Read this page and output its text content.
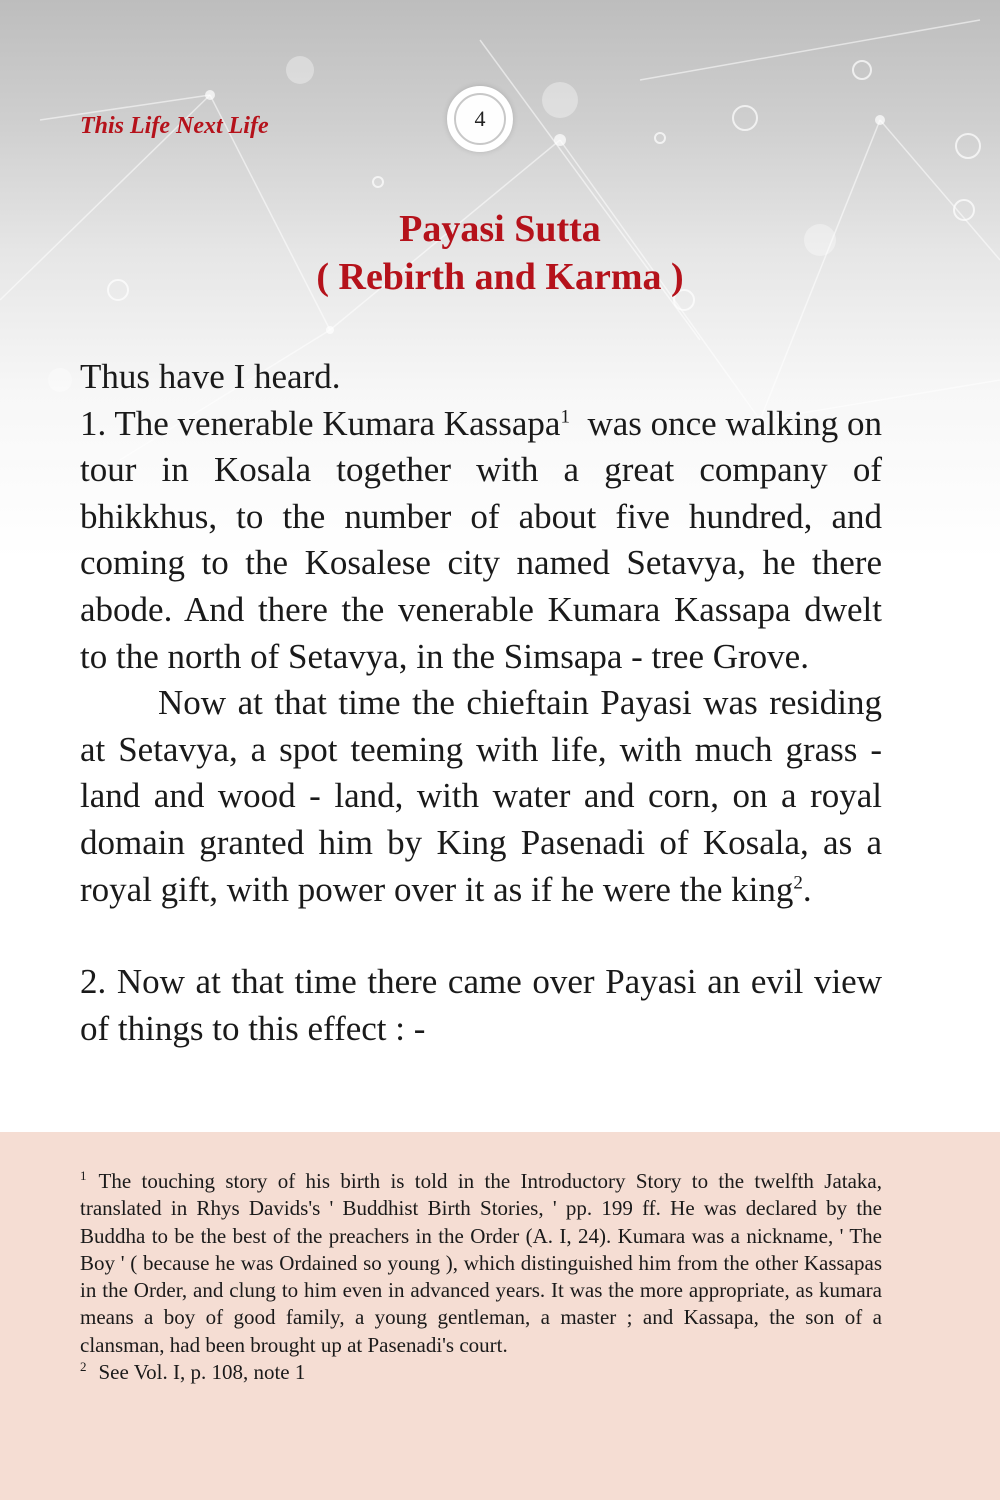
This Life Next Life	4
Payasi Sutta
( Rebirth and Karma )

Thus have I heard.

1. The venerable Kumara Kassapa$^1$  was once walking on tour in Kosala together with a great company of bhikkhus, to the number of about five hundred, and coming to the Kosalese city named Setavya, he there abode. And there the venerable Kumara Kassapa dwelt to the north of Setavya, in the Simsapa - tree Grove.

Now at that time the chieftain Payasi was residing at Setavya, a spot teeming with life, with much grass - land and wood - land, with water and corn, on a royal domain granted him by King Pasenadi of Kosala, as a royal gift, with power over it as if he were the king$^2$.

2. Now at that time there came over Payasi an evil view of things to this effect : -

$^1$ The touching story of his birth is told in the Introductory Story to the twelfth Jataka, translated in Rhys Davids's ' Buddhist Birth Stories, ' pp. 199 ff. He was declared by the Buddha to be the best of the preachers in the Order (A. I, 24). Kumara was a nickname, ' The Boy ' ( because he was Ordained so young ), which distinguished him from the other Kassapas in the Order, and clung to him even in advanced years. It was the more appropriate, as kumara means a boy of good family, a young gentleman, a master ; and Kassapa, the son of a clansman, had been brought up at Pasenadi's court.

$^2$ See Vol. I, p. 108, note 1
